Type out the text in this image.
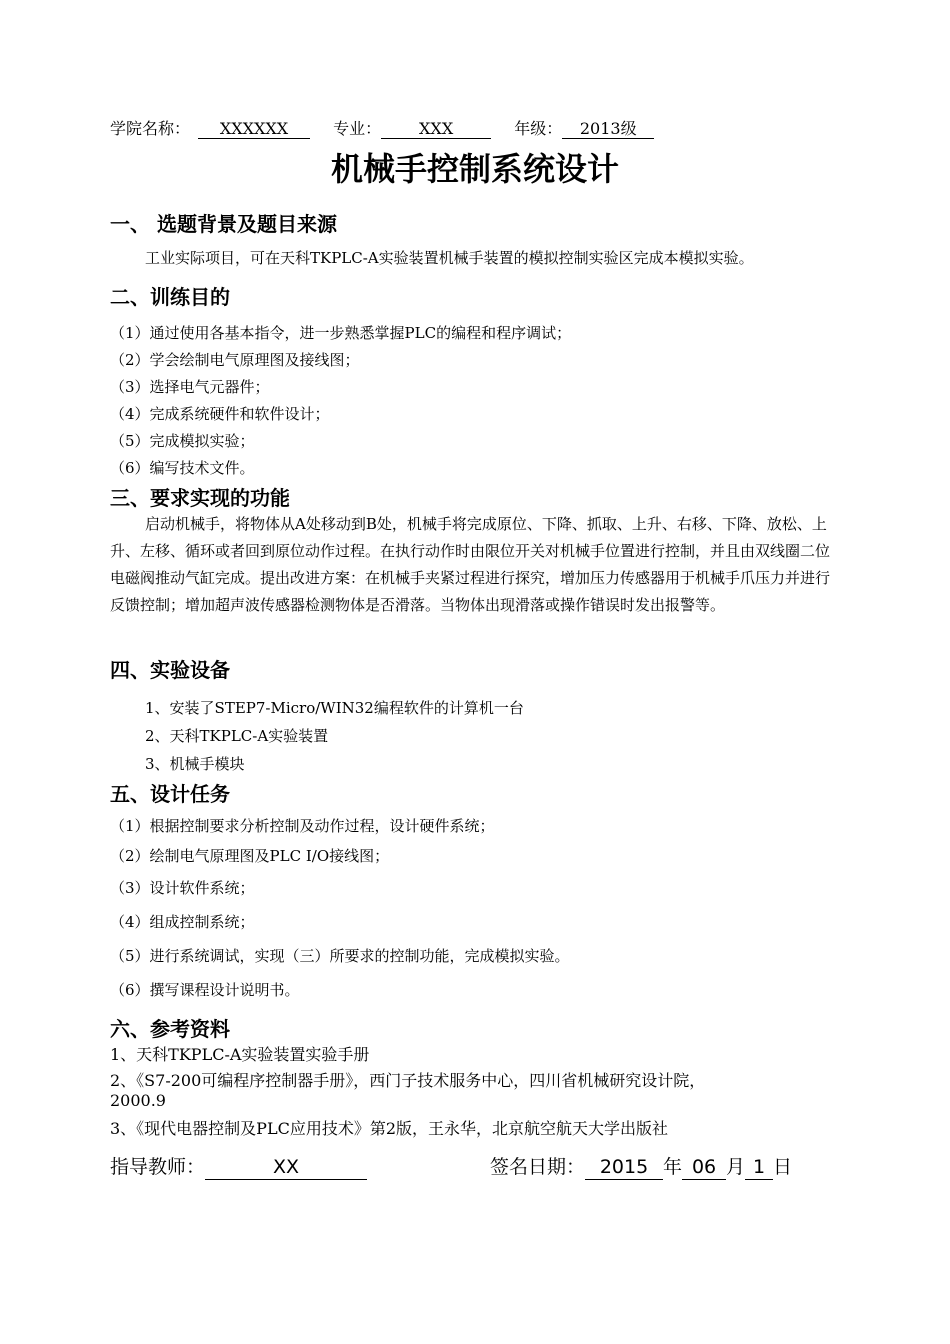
学院名称： XXXXXX	专业： XXX	年级： 2013级
机械手控制系统设计
一、 选题背景及题目来源
工业实际项目，可在天科TKPLC-A实验装置机械手装置的模拟控制实验区完成本模拟实验。
二、训练目的
（1）通过使用各基本指令，进一步熟悉掌握PLC的编程和程序调试；
（2）学会绘制电气原理图及接线图；
（3）选择电气元器件；
（4）完成系统硬件和软件设计；
（5）完成模拟实验；
（6）编写技术文件。
三、要求实现的功能
启动机械手，将物体从A处移动到B处，机械手将完成原位、下降、抓取、上升、右移、下降、放松、上升、左移、循环或者回到原位动作过程。在执行动作时由限位开关对机械手位置进行控制，并且由双线圈二位电磁阀推动气缸完成。提出改进方案：在机械手夹紧过程进行探究，增加压力传感器用于机械手爪压力并进行反馈控制；增加超声波传感器检测物体是否滑落。当物体出现滑落或操作错误时发出报警等。
四、实验设备
1、安装了STEP7-Micro/WIN32编程软件的计算机一台
2、天科TKPLC-A实验装置
3、机械手模块
五、设计任务
（1）根据控制要求分析控制及动作过程，设计硬件系统；
（2）绘制电气原理图及PLC I/O接线图；
（3）设计软件系统；
（4）组成控制系统；
（5）进行系统调试，实现（三）所要求的控制功能，完成模拟实验。
（6）撰写课程设计说明书。
六、参考资料
1、天科TKPLC-A实验装置实验手册
2、《S7-200可编程序控制器手册》，西门子技术服务中心，四川省机械研究设计院，
2000.9
3、《现代电器控制及PLC应用技术》第2版，王永华，北京航空航天大学出版社
指导教师：	XX	签名日期： 2015 年 06 月 1 日
